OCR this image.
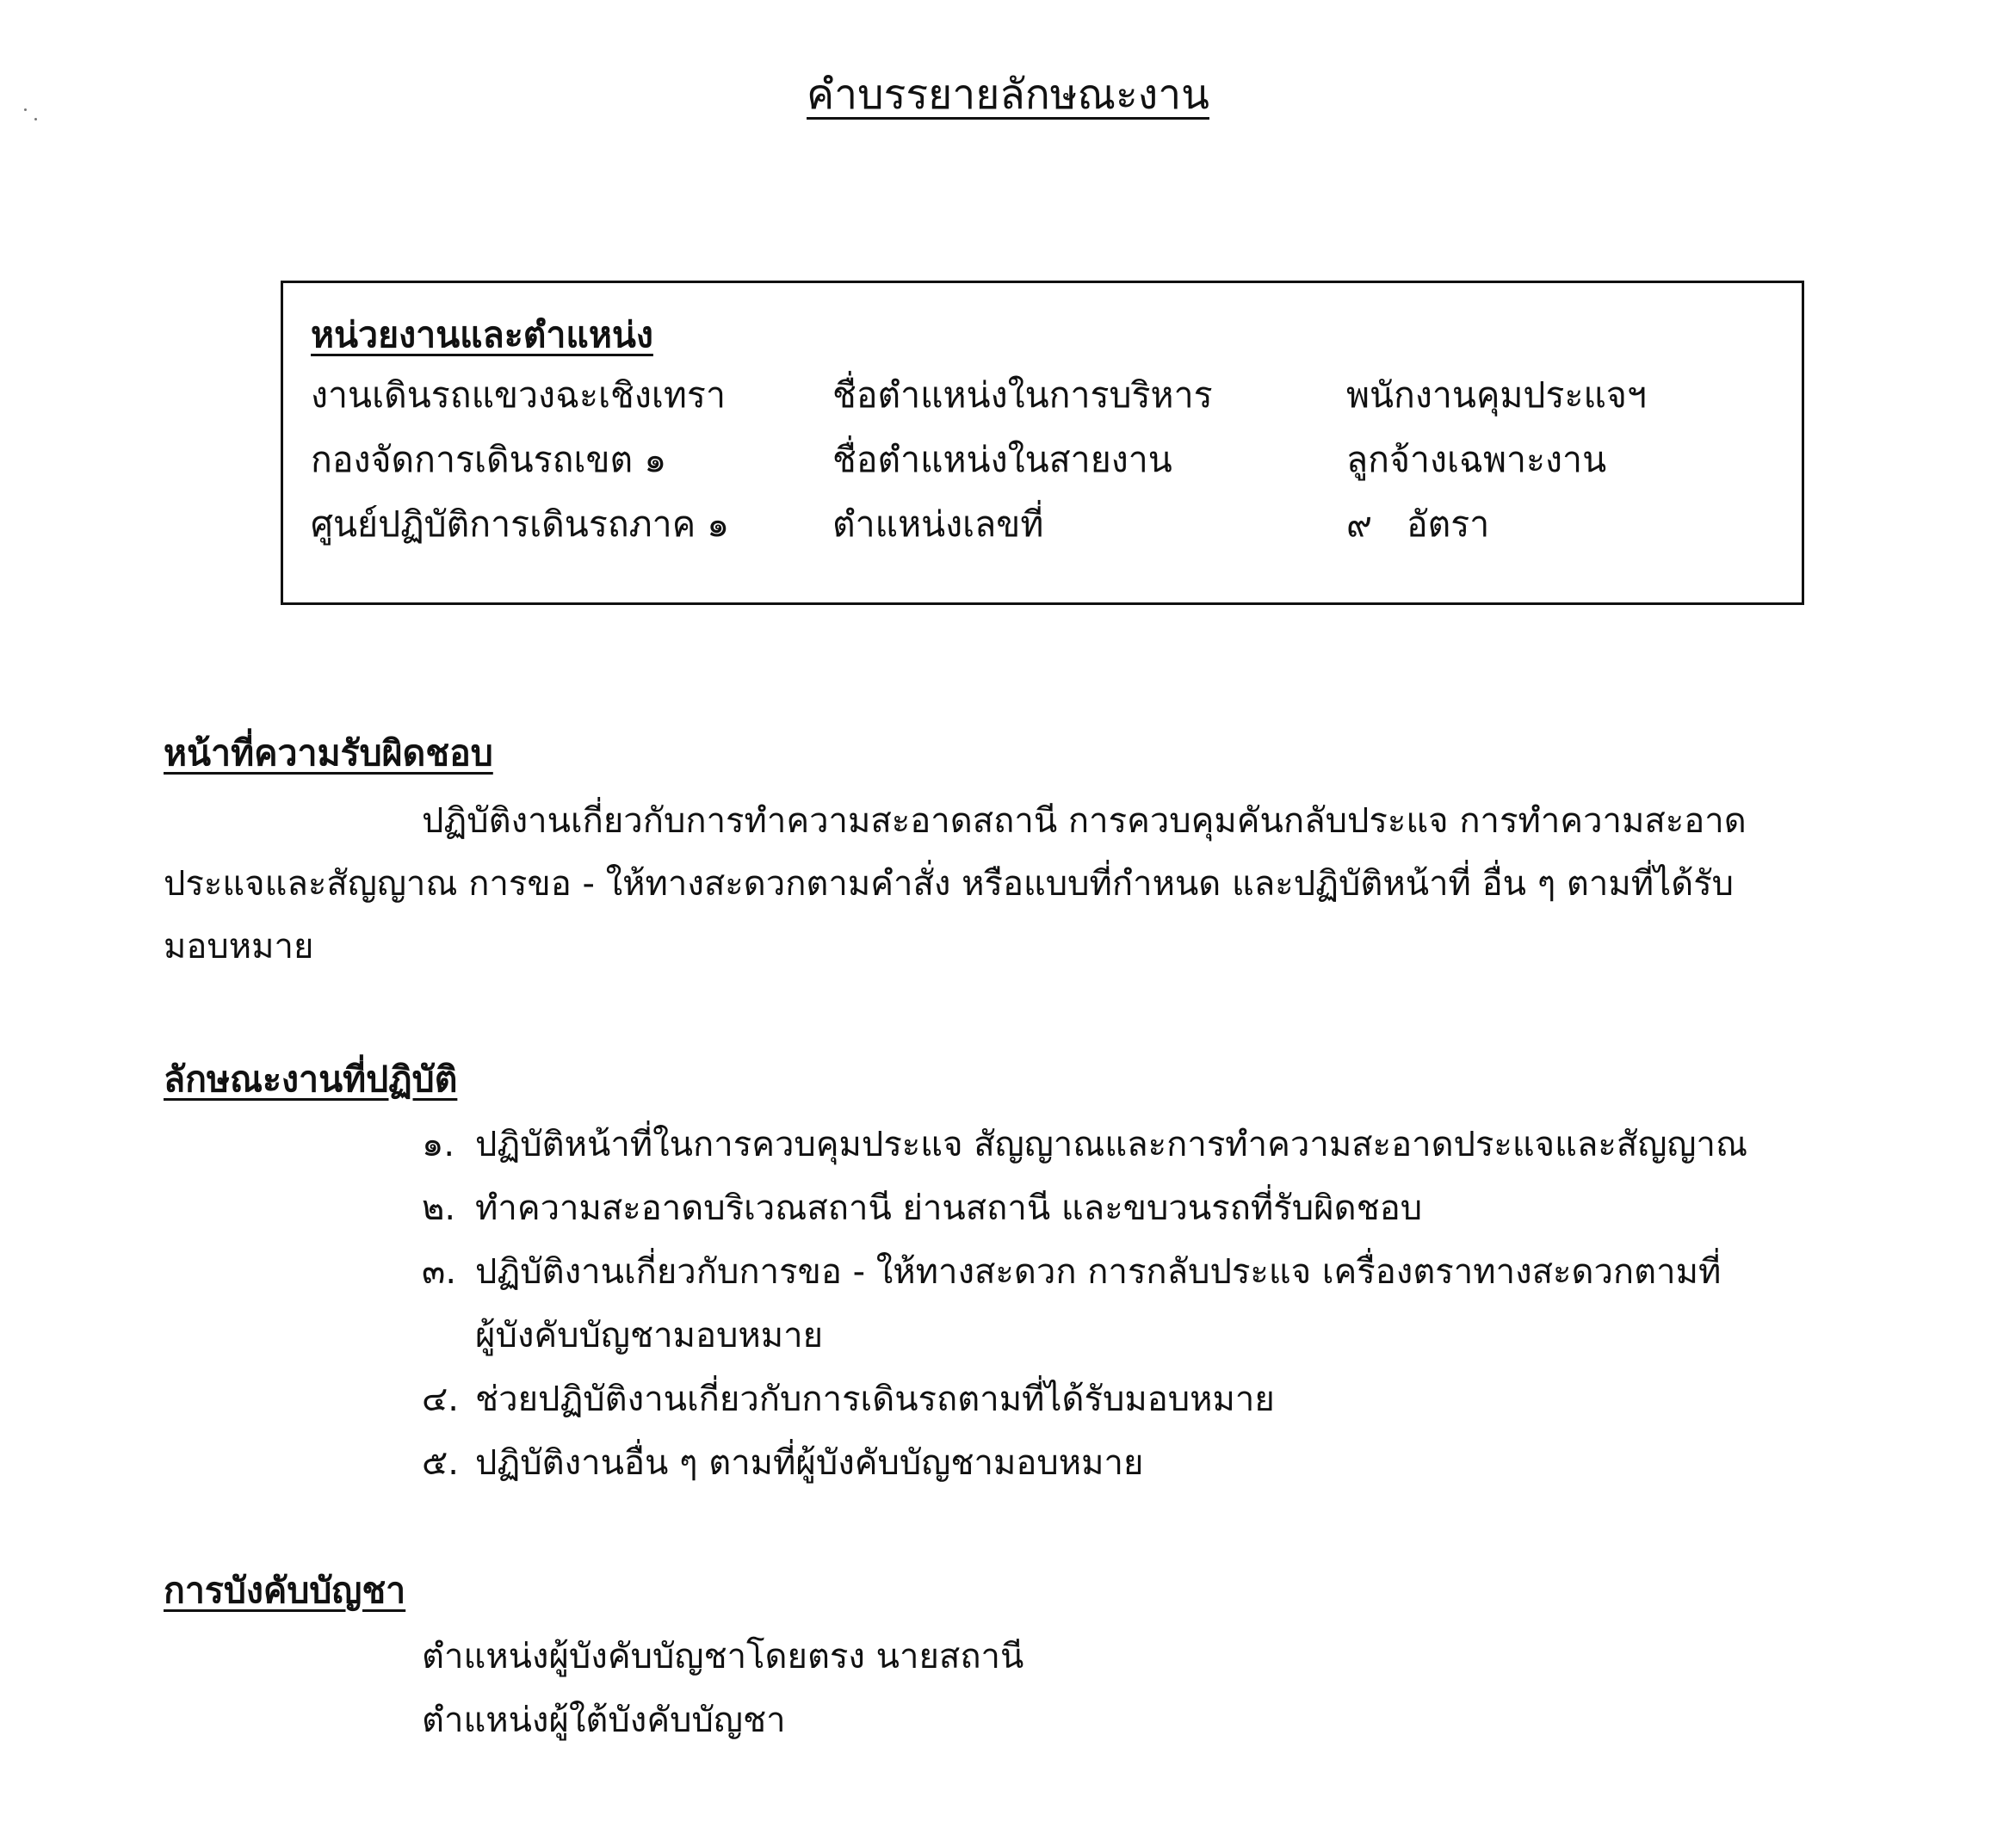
คำบรรยายลักษณะงาน
หน่วยงานและตำแหน่ง
งานเดินรถแขวงฉะเชิงเทรา	ชื่อตำแหน่งในการบริหาร	พนักงานคุมประแจฯ
กองจัดการเดินรถเขต ๑	ชื่อตำแหน่งในสายงาน	ลูกจ้างเฉพาะงาน
ศูนย์ปฏิบัติการเดินรถภาค ๑	ตำแหน่งเลขที่	๙ อัตรา
หน้าที่ความรับผิดชอบ
ปฏิบัติงานเกี่ยวกับการทำความสะอาดสถานี การควบคุมคันกลับประแจ การทำความสะอาด
ประแจและสัญญาณ การขอ - ให้ทางสะดวกตามคำสั่ง หรือแบบที่กำหนด และปฏิบัติหน้าที่ อื่น ๆ ตามที่ได้รับ
มอบหมาย
ลักษณะงานที่ปฏิบัติ
๑. ปฏิบัติหน้าที่ในการควบคุมประแจ สัญญาณและการทำความสะอาดประแจและสัญญาณ
๒. ทำความสะอาดบริเวณสถานี ย่านสถานี และขบวนรถที่รับผิดชอบ
๓. ปฏิบัติงานเกี่ยวกับการขอ - ให้ทางสะดวก การกลับประแจ เครื่องตราทางสะดวกตามที่
ผู้บังคับบัญชามอบหมาย
๔. ช่วยปฏิบัติงานเกี่ยวกับการเดินรถตามที่ได้รับมอบหมาย
๕. ปฏิบัติงานอื่น ๆ ตามที่ผู้บังคับบัญชามอบหมาย
การบังคับบัญชา
ตำแหน่งผู้บังคับบัญชาโดยตรง นายสถานี
ตำแหน่งผู้ใต้บังคับบัญชา
